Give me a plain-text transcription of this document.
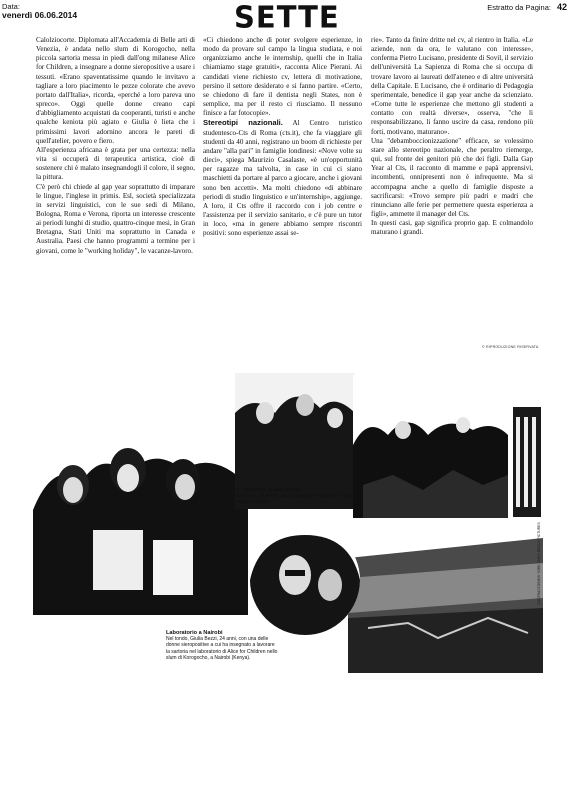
Data:
venerdì 06.06.2014	SETTE	Estratto da Pagina: 42

Calolziocorte. Diplomata all'Accademia di Belle arti di Venezia, è andata nello slum di Korogocho, nella piccola sartoria messa in piedi dall'ong milanese Alice for Children, a insegnare a donne sieropositive a usare i tessuti. «Erano spaventatissime quando le invitavo a tagliare a loro piacimento le pezze colorate che avevo portato dall'Italia», ricorda, «perché a loro pareva uno spreco». Oggi quelle donne creano capi d'abbigliamento acquistati da cooperanti, turisti e anche qualche keniota più agiato e Giulia è lieta che i primissimi lavori adornino ancora le pareti di quell'atelier, povero e fiero.

All'esperienza africana è grata per una certezza: nella vita si occuperà di terapeutica artistica, cioè di sostenere chi è malato insegnandogli il colore, il segno, la pittura.

C'è però chi chiede al gap year soprattutto di imparare le lingue, l'inglese in primis. Esl, società specializzata in servizi linguistici, con le sue sedi di Milano, Bologna, Roma e Verona, riporta un interesse crescente ai periodi lunghi di studio, quattro-cinque mesi, in Gran Bretagna, Stati Uniti ma soprattutto in Canada e Australia. Paesi che hanno programmi a termine per i giovani, come le "working holiday", le vacanze-lavoro.

«Ci chiedono anche di poter svolgere esperienze, in modo da provare sul campo la lingua studiata, e noi organizziamo anche le internship, quelli che in Italia chiamiamo stage gratuiti», racconta Alice Pierani. Ai candidati viene richiesto cv, lettera di motivazione, persino il settore desiderato e si fanno partire. «Certo, se chiedono di fare il dentista negli States, non è semplice, ma per il resto ci riusciamo. Il nessuno finisce a far fotocopie».

Stereotipi nazionali. Al Centro turistico studentesco-Cts di Roma (cts.it), che fa viaggiare gli studenti da 40 anni, registrano un boom di richieste per andare "alla pari" in famiglie londinesi: «Nove volte su dieci», spiega Maurizio Casalaste, «è un'opportunità per ragazze ma talvolta, in case in cui ci siano maschietti da portare al parco a giocare, anche i giovani sono ben accetti». Ma molti chiedono «di abbinare periodi di studio linguistico e un'internship», aggiunge. A loro, il Cts offre il raccordo con i job centre e l'assistenza per il servizio sanitario, e c'è pure un tutor in loco, «ma in genere abbiamo sempre riscontri positivi: sono esperienze assai se-

rie». Tanto da finire dritte nel cv, al rientro in Italia. «Le aziende, non da ora, le valutano con interesse», conferma Pietro Lucisano, presidente di Sovil, il servizio dell'università La Sapienza di Roma che si occupa di trovare lavoro ai laureati dell'ateneo e di altre università della Capitale. E Lucisano, che è ordinario di Pedagogia sperimentale, benedice il gap year anche da scienziato. «Come tutte le esperienze che mettono gli studenti a contatto con realtà diverse», osserva, "che li responsabilizzano, li fanno uscire da casa, rendono più forti, motivano, maturano».

Una "debamboccionizzazione" efficace, se volessimo stare allo stereotipo nazionale, che peraltro riemerge, qui, sul fronte dei genitori più che dei figli. Dalla Gap Year al Cts, il racconto di mamme e papà apprensivi, incombenti, onnipresenti non è infrequente. Ma si accompagna anche a quello di famiglie disposte a sacrificarsi: «Trovo sempre più padri e madri che rinunciano alle ferie per permettere questa esperienza a figli», ammette il manager del Cts.

In questi casi, gap significa proprio gap. E colmandolo maturano i grandi.

© RIPRODUZIONE RISERVATA
A ciascuno la sua scelta
A sinistra, studentessa a Londra per imparare l'inglese sopra: Caroline,
Laboratorio a Nairobi
Nel tondo, Giulia Bezzi, 24 anni, con una delle donne sieropositive a cui ha insegnato a lavorare la sartoria nel laboratorio di Alice for Children nello slum di Korogocho, a Nairobi (Kenya).
CONTRASTO/NEW YORK TIMES REDUX PICTURES
